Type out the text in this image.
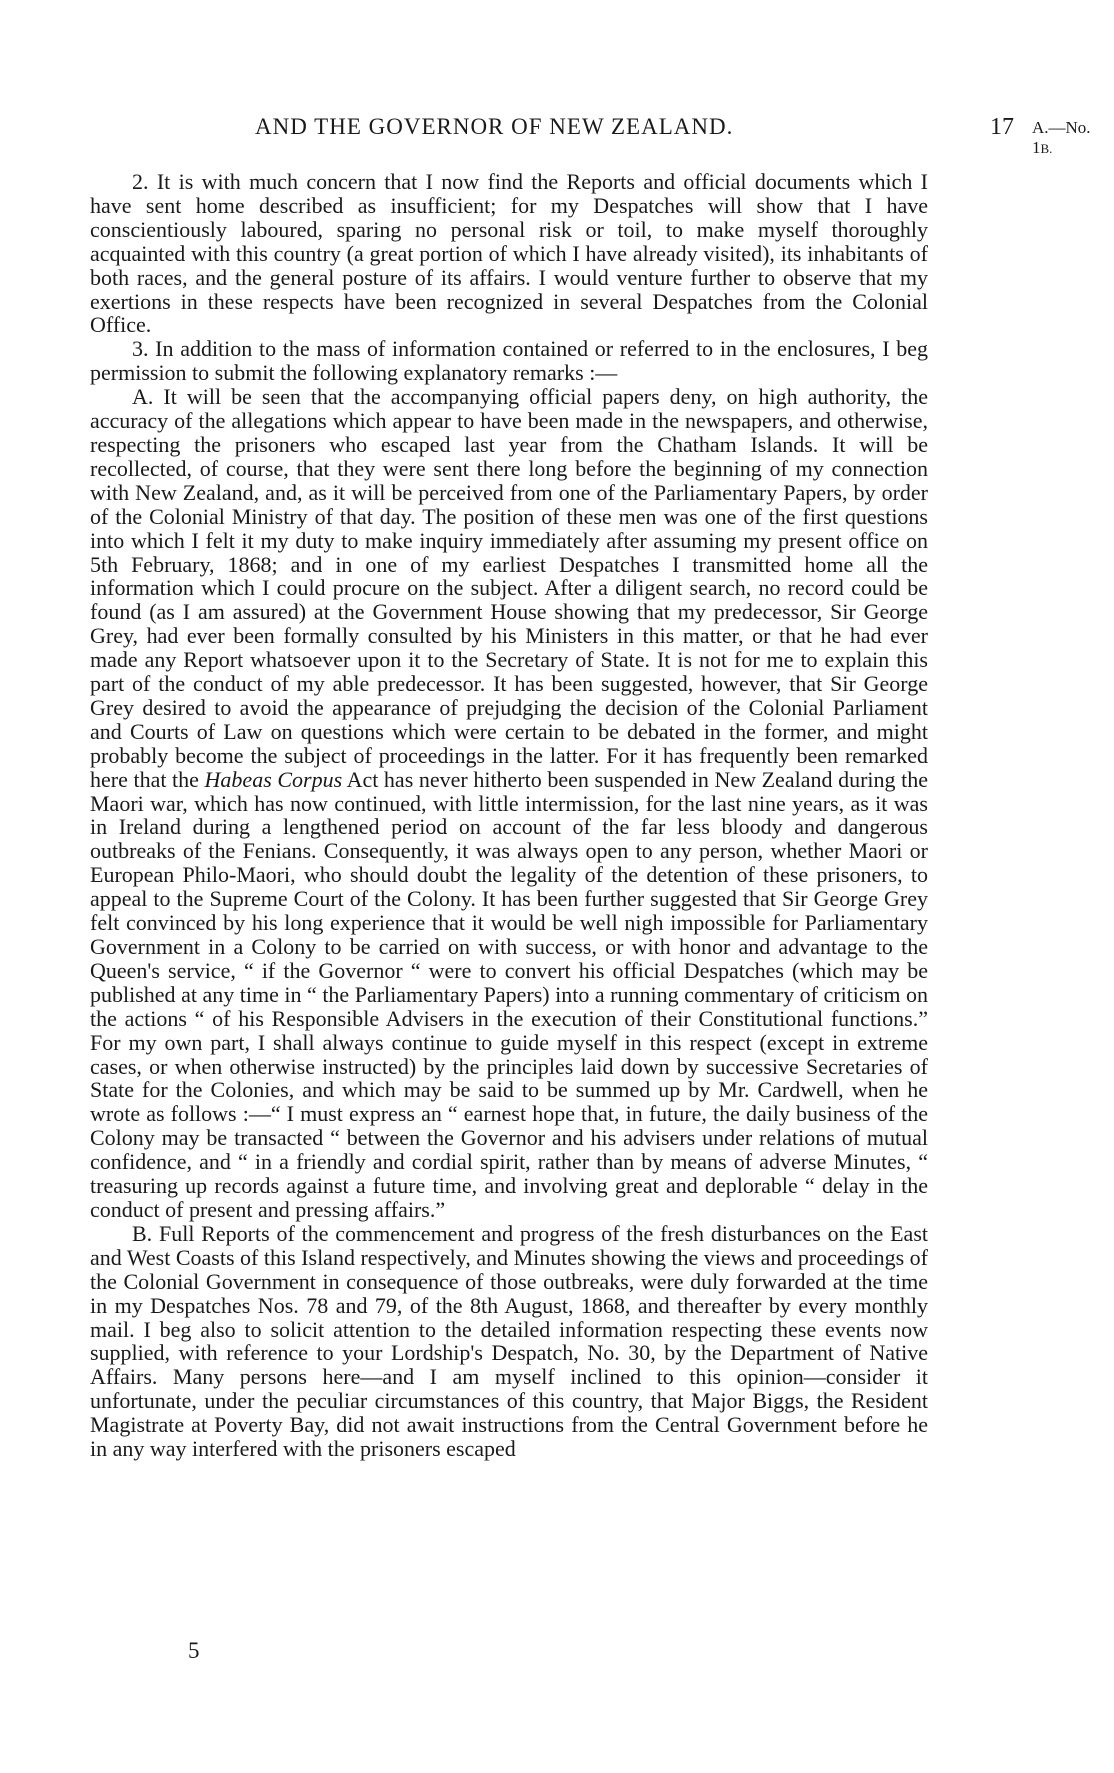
AND THE GOVERNOR OF NEW ZEALAND.	17 A.—No. 1B.

2. It is with much concern that I now find the Reports and official documents which I have sent home described as insufficient; for my Despatches will show that I have conscientiously laboured, sparing no personal risk or toil, to make myself thoroughly acquainted with this country (a great portion of which I have already visited), its inhabitants of both races, and the general posture of its affairs. I would venture further to observe that my exertions in these respects have been recognized in several Despatches from the Colonial Office.

3. In addition to the mass of information contained or referred to in the enclosures, I beg permission to submit the following explanatory remarks :—

A. It will be seen that the accompanying official papers deny, on high authority, the accuracy of the allegations which appear to have been made in the newspapers, and otherwise, respecting the prisoners who escaped last year from the Chatham Islands. It will be recollected, of course, that they were sent there long before the beginning of my connection with New Zealand, and, as it will be perceived from one of the Parliamentary Papers, by order of the Colonial Ministry of that day. The position of these men was one of the first questions into which I felt it my duty to make inquiry immediately after assuming my present office on 5th February, 1868; and in one of my earliest Despatches I transmitted home all the information which I could procure on the subject. After a diligent search, no record could be found (as I am assured) at the Government House showing that my predecessor, Sir George Grey, had ever been formally consulted by his Ministers in this matter, or that he had ever made any Report whatsoever upon it to the Secretary of State. It is not for me to explain this part of the conduct of my able predecessor. It has been suggested, however, that Sir George Grey desired to avoid the appearance of prejudging the decision of the Colonial Parliament and Courts of Law on questions which were certain to be debated in the former, and might probably become the subject of proceedings in the latter. For it has frequently been remarked here that the Habeas Corpus Act has never hitherto been suspended in New Zealand during the Maori war, which has now continued, with little intermission, for the last nine years, as it was in Ireland during a lengthened period on account of the far less bloody and dangerous outbreaks of the Fenians. Consequently, it was always open to any person, whether Maori or European Philo-Maori, who should doubt the legality of the detention of these prisoners, to appeal to the Supreme Court of the Colony. It has been further suggested that Sir George Grey felt convinced by his long experience that it would be well nigh impossible for Parliamentary Government in a Colony to be carried on with success, or with honor and advantage to the Queen's service, “ if the Governor “ were to convert his official Despatches (which may be published at any time in “ the Parliamentary Papers) into a running commentary of criticism on the actions “ of his Responsible Advisers in the execution of their Constitutional functions.” For my own part, I shall always continue to guide myself in this respect (except in extreme cases, or when otherwise instructed) by the principles laid down by successive Secretaries of State for the Colonies, and which may be said to be summed up by Mr. Cardwell, when he wrote as follows :—“ I must express an “ earnest hope that, in future, the daily business of the Colony may be transacted “ between the Governor and his advisers under relations of mutual confidence, and “ in a friendly and cordial spirit, rather than by means of adverse Minutes, “ treasuring up records against a future time, and involving great and deplorable “ delay in the conduct of present and pressing affairs.”

B. Full Reports of the commencement and progress of the fresh disturbances on the East and West Coasts of this Island respectively, and Minutes showing the views and proceedings of the Colonial Government in consequence of those outbreaks, were duly forwarded at the time in my Despatches Nos. 78 and 79, of the 8th August, 1868, and thereafter by every monthly mail. I beg also to solicit attention to the detailed information respecting these events now supplied, with reference to your Lordship's Despatch, No. 30, by the Department of Native Affairs. Many persons here—and I am myself inclined to this opinion—consider it unfortunate, under the peculiar circumstances of this country, that Major Biggs, the Resident Magistrate at Poverty Bay, did not await instructions from the Central Government before he in any way interfered with the prisoners escaped

5
